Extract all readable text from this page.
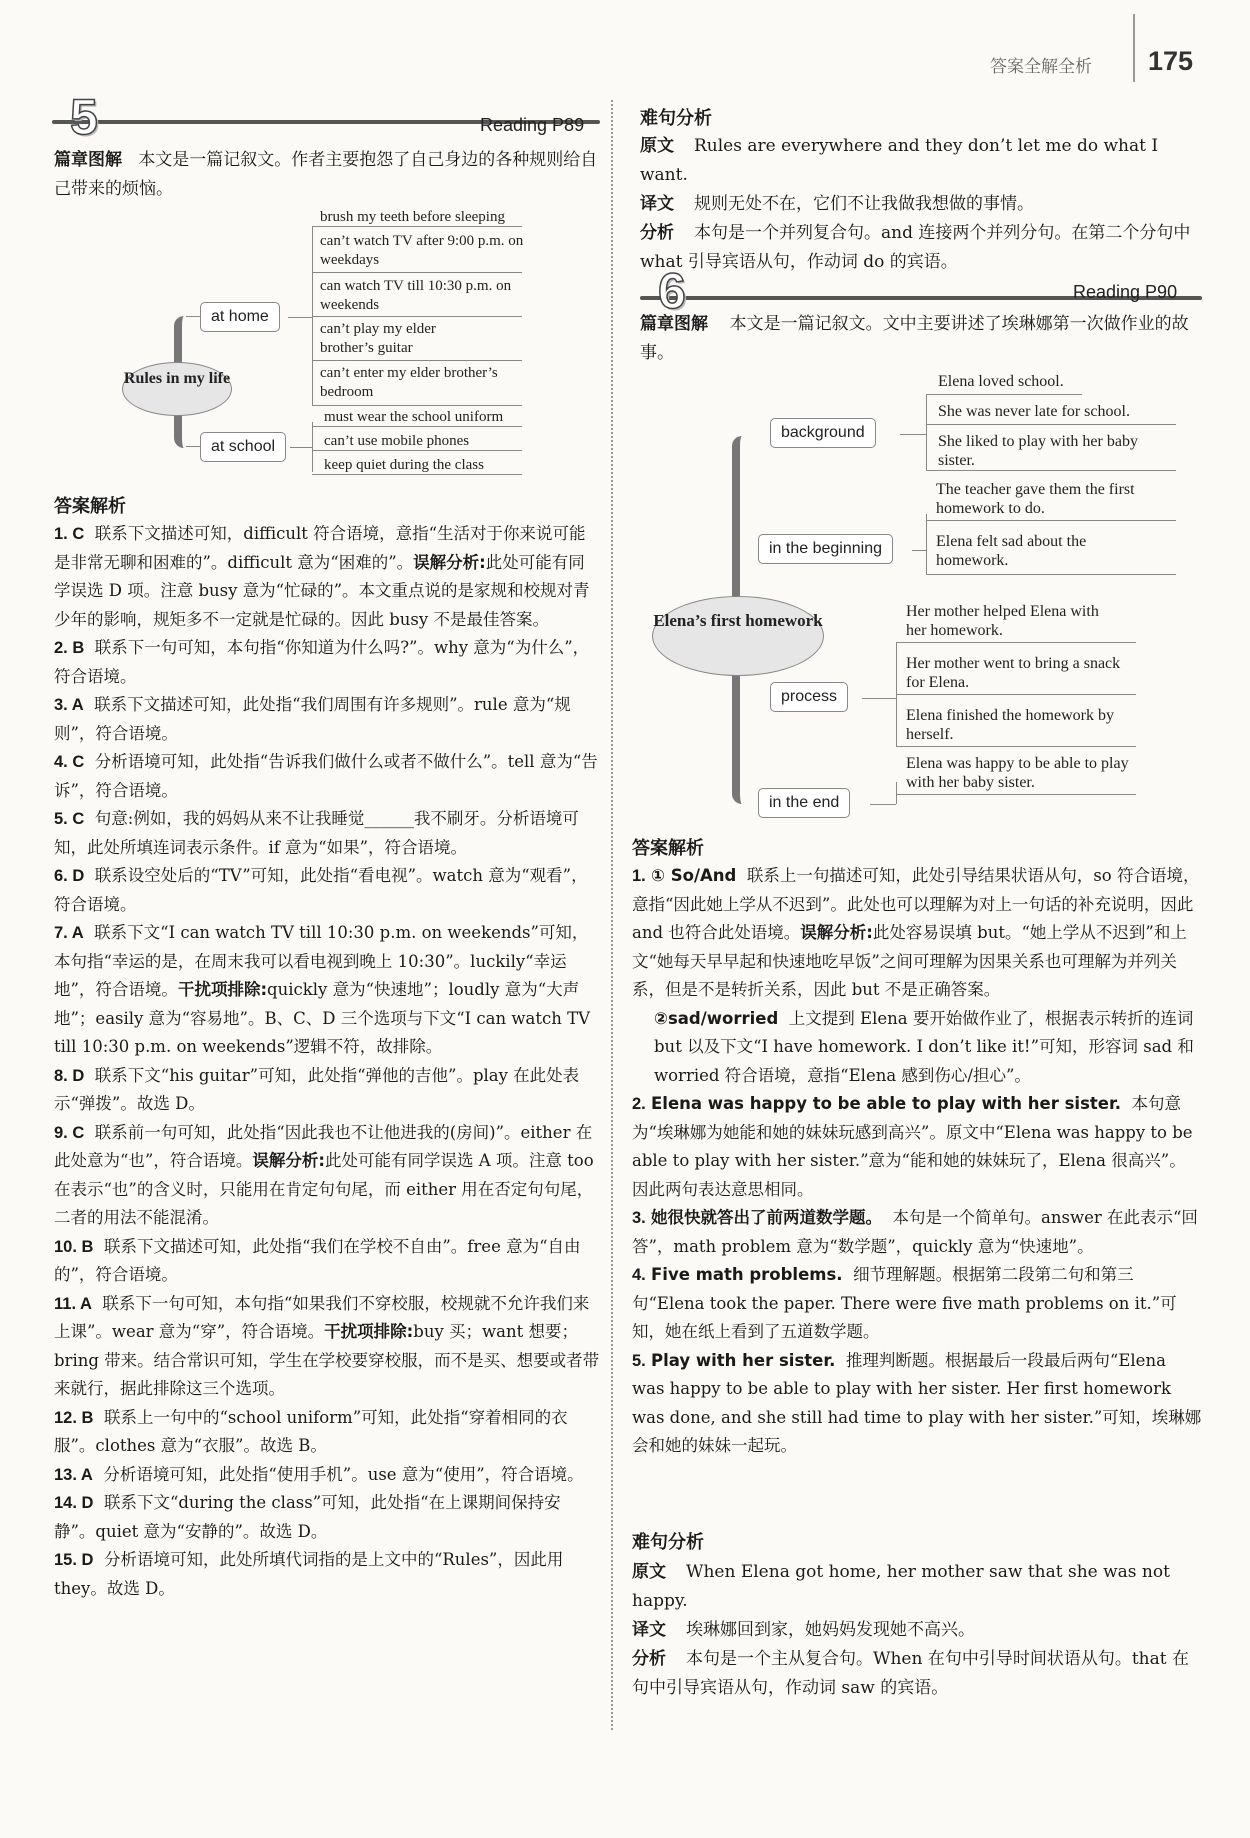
答案全解全析 175
5	Reading P89
篇章图解 本文是一篇记叙文。作者主要抱怨了自己身边的各种规则给自己带来的烦恼。
Rules in my life
at home
at school
brush my teeth before sleeping
can’t watch TV after 9:00 p.m. on weekdays
can watch TV till 10:30 p.m. on weekends
can’t play my elder brother’s guitar
can’t enter my elder brother’s bedroom
must wear the school uniform
can’t use mobile phones
keep quiet during the class
答案解析
1. C 联系下文描述可知，difficult 符合语境，意指“生活对于你来说可能是非常无聊和困难的”。difficult 意为“困难的”。误解分析:此处可能有同学误选 D 项。注意 busy 意为“忙碌的”。本文重点说的是家规和校规对青少年的影响，规矩多不一定就是忙碌的。因此 busy 不是最佳答案。
2. B 联系下一句可知，本句指“你知道为什么吗?”。why 意为“为什么”，符合语境。
3. A 联系下文描述可知，此处指“我们周围有许多规则”。rule 意为“规则”，符合语境。
4. C 分析语境可知，此处指“告诉我们做什么或者不做什么”。tell 意为“告诉”，符合语境。
5. C 句意:例如，我的妈妈从来不让我睡觉______我不刷牙。分析语境可知，此处所填连词表示条件。if 意为“如果”，符合语境。
6. D 联系设空处后的“TV”可知，此处指“看电视”。watch 意为“观看”，符合语境。
7. A 联系下文“I can watch TV till 10:30 p.m. on weekends”可知，本句指“幸运的是，在周末我可以看电视到晚上 10:30”。luckily“幸运地”，符合语境。干扰项排除:quickly 意为“快速地”；loudly 意为“大声地”；easily 意为“容易地”。B、C、D 三个选项与下文“I can watch TV till 10:30 p.m. on weekends”逻辑不符，故排除。
8. D 联系下文“his guitar”可知，此处指“弹他的吉他”。play 在此处表示“弹拨”。故选 D。
9. C 联系前一句可知，此处指“因此我也不让他进我的(房间)”。either 在此处意为“也”，符合语境。误解分析:此处可能有同学误选 A 项。注意 too 在表示“也”的含义时，只能用在肯定句句尾，而 either 用在否定句句尾，二者的用法不能混淆。
10. B 联系下文描述可知，此处指“我们在学校不自由”。free 意为“自由的”，符合语境。
11. A 联系下一句可知，本句指“如果我们不穿校服，校规就不允许我们来上课”。wear 意为“穿”，符合语境。干扰项排除:buy 买；want 想要；bring 带来。结合常识可知，学生在学校要穿校服，而不是买、想要或者带来就行，据此排除这三个选项。
12. B 联系上一句中的“school uniform”可知，此处指“穿着相同的衣服”。clothes 意为“衣服”。故选 B。
13. A 分析语境可知，此处指“使用手机”。use 意为“使用”，符合语境。
14. D 联系下文“during the class”可知，此处指“在上课期间保持安静”。quiet 意为“安静的”。故选 D。
15. D 分析语境可知，此处所填代词指的是上文中的“Rules”，因此用 they。故选 D。
难句分析
原文 Rules are everywhere and they don’t let me do what I want.
译文 规则无处不在，它们不让我做我想做的事情。
分析 本句是一个并列复合句。and 连接两个并列分句。在第二个分句中 what 引导宾语从句，作动词 do 的宾语。
6	Reading P90
篇章图解 本文是一篇记叙文。文中主要讲述了埃琳娜第一次做作业的故事。
Elena’s first homework
background
in the beginning
process
in the end
Elena loved school.
She was never late for school.
She liked to play with her baby sister.
The teacher gave them the first homework to do.
Elena felt sad about the homework.
Her mother helped Elena with her homework.
Her mother went to bring a snack for Elena.
Elena finished the homework by herself.
Elena was happy to be able to play with her baby sister.
答案解析
1. ① So/And 联系上一句描述可知，此处引导结果状语从句，so 符合语境，意指“因此她上学从不迟到”。此处也可以理解为对上一句话的补充说明，因此 and 也符合此处语境。误解分析:此处容易误填 but。“她上学从不迟到”和上文“她每天早早起和快速地吃早饭”之间可理解为因果关系也可理解为并列关系，但是不是转折关系，因此 but 不是正确答案。
②sad/worried 上文提到 Elena 要开始做作业了，根据表示转折的连词 but 以及下文“I have homework. I don’t like it!”可知，形容词 sad 和 worried 符合语境，意指“Elena 感到伤心/担心”。
2. Elena was happy to be able to play with her sister. 本句意为“埃琳娜为她能和她的妹妹玩感到高兴”。原文中“Elena was happy to be able to play with her sister.”意为“能和她的妹妹玩了，Elena 很高兴”。因此两句表达意思相同。
3. 她很快就答出了前两道数学题。 本句是一个简单句。answer 在此表示“回答”，math problem 意为“数学题”，quickly 意为“快速地”。
4. Five math problems. 细节理解题。根据第二段第二句和第三句“Elena took the paper. There were five math problems on it.”可知，她在纸上看到了五道数学题。
5. Play with her sister. 推理判断题。根据最后一段最后两句“Elena was happy to be able to play with her sister. Her first homework was done, and she still had time to play with her sister.”可知，埃琳娜会和她的妹妹一起玩。
难句分析
原文 When Elena got home, her mother saw that she was not happy.
译文 埃琳娜回到家，她妈妈发现她不高兴。
分析 本句是一个主从复合句。When 在句中引导时间状语从句。that 在句中引导宾语从句，作动词 saw 的宾语。
